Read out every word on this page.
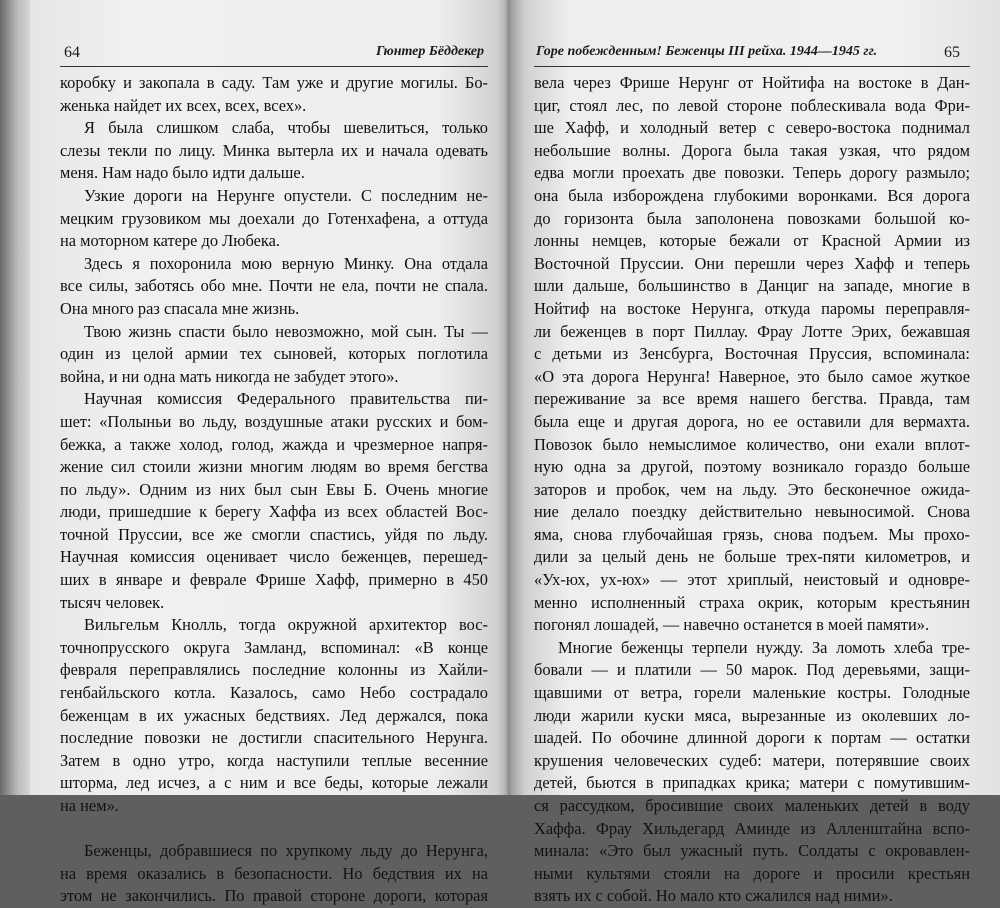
64	Гюнтер Бёддекер
коробку и закопала в саду. Там уже и другие могилы. Бо-
женька найдет их всех, всех, всех».
Я была слишком слаба, чтобы шевелиться, только
слезы текли по лицу. Минка вытерла их и начала одевать
меня. Нам надо было идти дальше.
Узкие дороги на Нерунге опустели. С последним не-
мецким грузовиком мы доехали до Готенхафена, а оттуда
на моторном катере до Любека.
Здесь я похоронила мою верную Минку. Она отдала
все силы, заботясь обо мне. Почти не ела, почти не спала.
Она много раз спасала мне жизнь.
Твою жизнь спасти было невозможно, мой сын. Ты —
один из целой армии тех сыновей, которых поглотила
война, и ни одна мать никогда не забудет этого».
Научная комиссия Федерального правительства пи-
шет: «Полыньи во льду, воздушные атаки русских и бом-
бежка, а также холод, голод, жажда и чрезмерное напря-
жение сил стоили жизни многим людям во время бегства
по льду». Одним из них был сын Евы Б. Очень многие
люди, пришедшие к берегу Хаффа из всех областей Вос-
точной Пруссии, все же смогли спастись, уйдя по льду.
Научная комиссия оценивает число беженцев, перешед-
ших в январе и феврале Фрише Хафф, примерно в 450
тысяч человек.
Вильгельм Кнолль, тогда окружной архитектор вос-
точнопрусского округа Замланд, вспоминал: «В конце
февраля переправлялись последние колонны из Хайли-
генбайльского котла. Казалось, само Небо сострадало
беженцам в их ужасных бедствиях. Лед держался, пока
последние повозки не достигли спасительного Нерунга.
Затем в одно утро, когда наступили теплые весенние
шторма, лед исчез, а с ним и все беды, которые лежали
на нем».

Беженцы, добравшиеся по хрупкому льду до Нерунга,
на время оказались в безопасности. Но бедствия их на
этом не закончились. По правой стороне дороги, которая
Горе побежденным! Беженцы III рейха. 1944—1945 гг.	65
вела через Фрише Нерунг от Нойтифа на востоке в Дан-
циг, стоял лес, по левой стороне поблескивала вода Фри-
ше Хафф, и холодный ветер с северо-востока поднимал
небольшие волны. Дорога была такая узкая, что рядом
едва могли проехать две повозки. Теперь дорогу размыло;
она была изборождена глубокими воронками. Вся дорога
до горизонта была заполонена повозками большой ко-
лонны немцев, которые бежали от Красной Армии из
Восточной Пруссии. Они перешли через Хафф и теперь
шли дальше, большинство в Данциг на западе, многие в
Нойтиф на востоке Нерунга, откуда паромы переправля-
ли беженцев в порт Пиллау. Фрау Лотте Эрих, бежавшая
с детьми из Зенсбурга, Восточная Пруссия, вспоминала:
«О эта дорога Нерунга! Наверное, это было самое жуткое
переживание за все время нашего бегства. Правда, там
была еще и другая дорога, но ее оставили для вермахта.
Повозок было немыслимое количество, они ехали вплот-
ную одна за другой, поэтому возникало гораздо больше
заторов и пробок, чем на льду. Это бесконечное ожида-
ние делало поездку действительно невыносимой. Снова
яма, снова глубочайшая грязь, снова подъем. Мы прохо-
дили за целый день не больше трех-пяти километров, и
«Ух-юх, ух-юх» — этот хриплый, неистовый и одновре-
менно исполненный страха окрик, которым крестьянин
погонял лошадей, — навечно останется в моей памяти».
Многие беженцы терпели нужду. За ломоть хлеба тре-
бовали — и платили — 50 марок. Под деревьями, защи-
щавшими от ветра, горели маленькие костры. Голодные
люди жарили куски мяса, вырезанные из околевших ло-
шадей. По обочине длинной дороги к портам — остатки
крушения человеческих судеб: матери, потерявшие своих
детей, бьются в припадках крика; матери с помутившим-
ся рассудком, бросившие своих маленьких детей в воду
Хаффа. Фрау Хильдегард Аминде из Алленштайна вспо-
минала: «Это был ужасный путь. Солдаты с окровавлен-
ными культями стояли на дороге и просили крестьян
взять их с собой. Но мало кто сжалился над ними».
